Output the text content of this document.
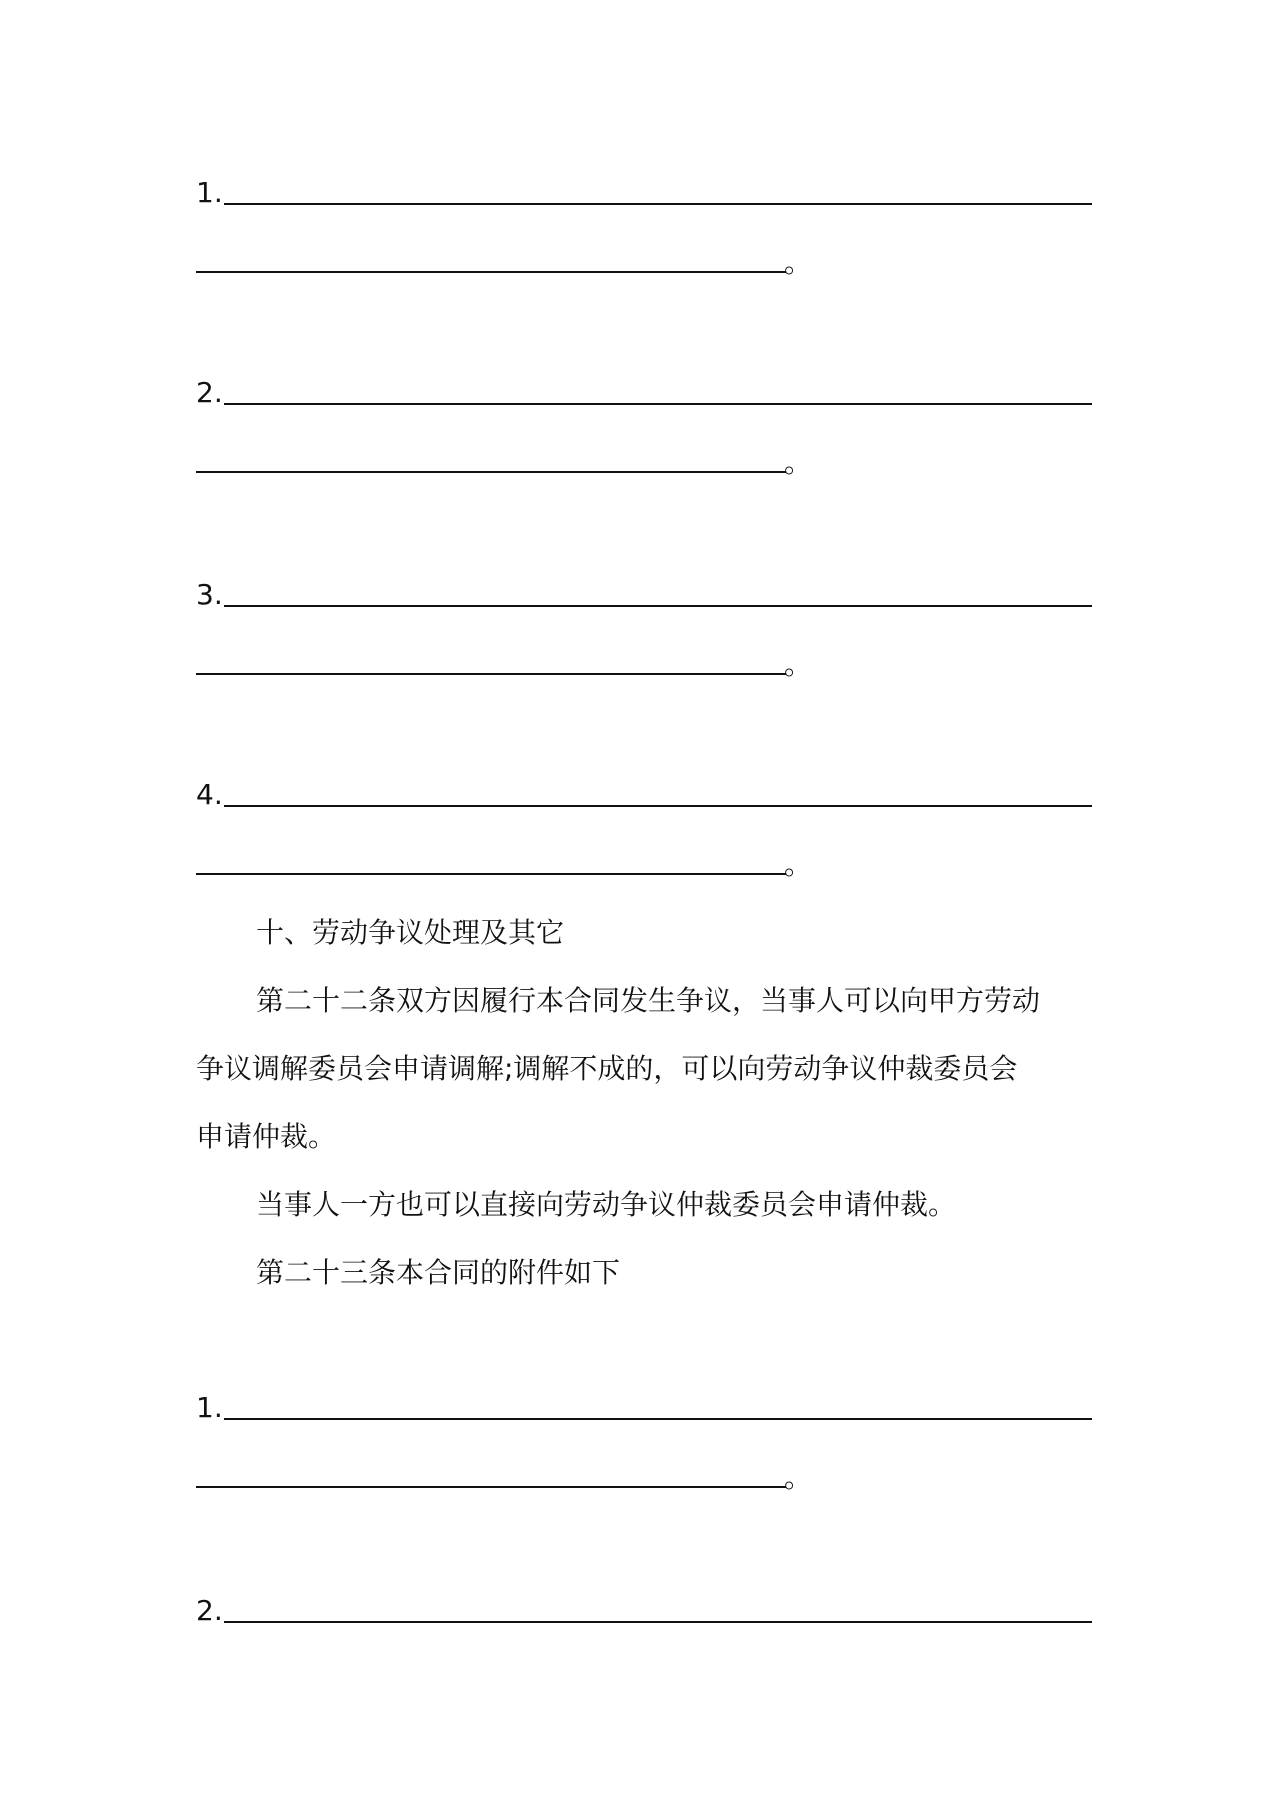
1.
。
2.
。
3.
。
4.
。
十、劳动争议处理及其它
第二十二条双方因履行本合同发生争议，当事人可以向甲方劳动
争议调解委员会申请调解;调解不成的，可以向劳动争议仲裁委员会
申请仲裁。
当事人一方也可以直接向劳动争议仲裁委员会申请仲裁。
第二十三条本合同的附件如下
1.
。
2.
